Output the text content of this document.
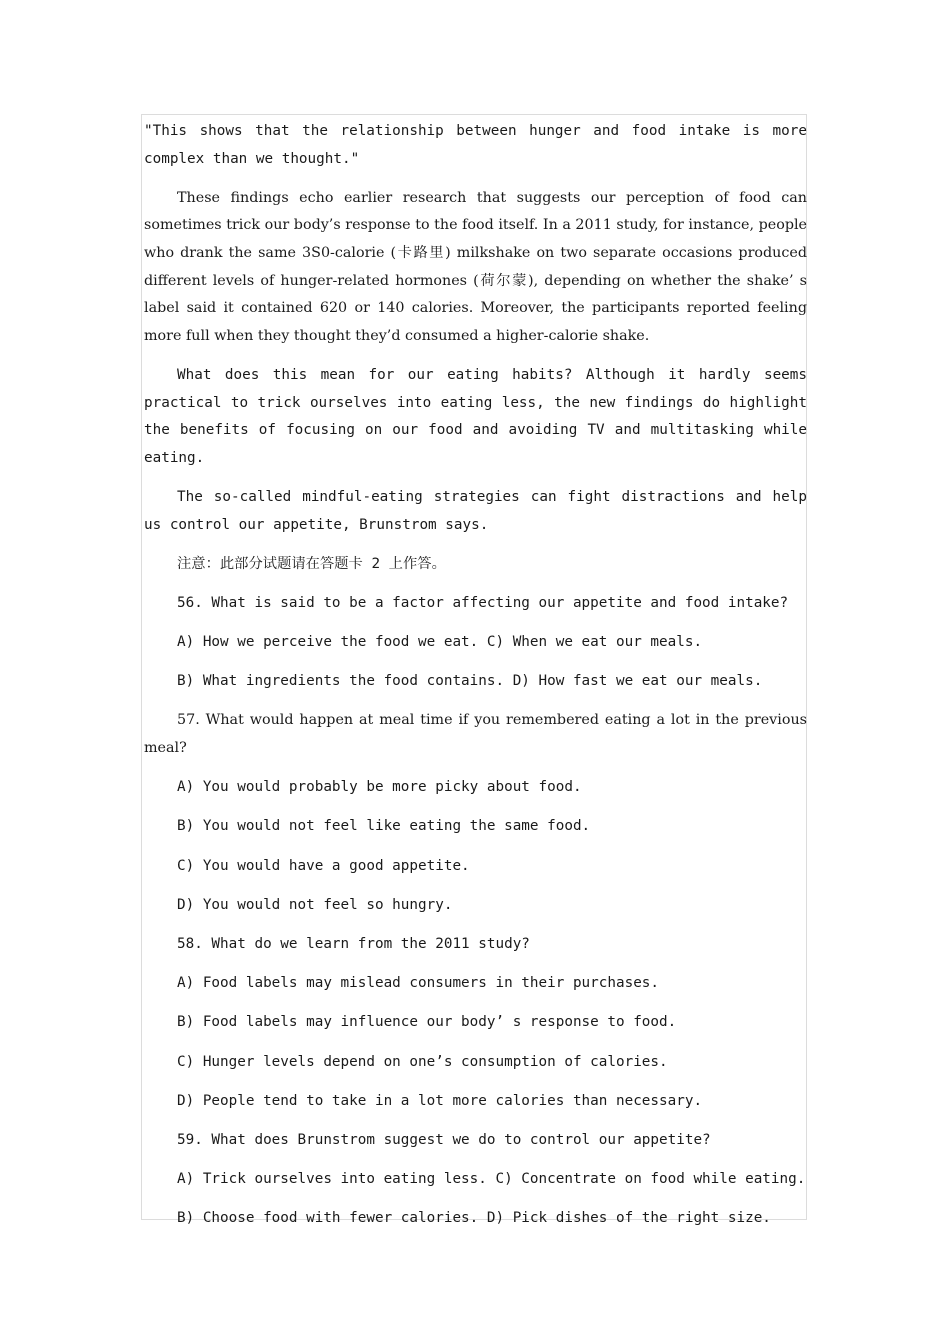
"This shows that the relationship between hunger and food intake is more complex than we thought."

These findings echo earlier research that suggests our perception of food can sometimes trick our body’s response to the food itself. In a 2011 study, for instance, people who drank the same 3S0-calorie (卡路里) milkshake on two separate occasions produced different levels of hunger-related hormones (荷尔蒙), depending on whether the shake’ s label said it contained 620 or 140 calories. Moreover, the participants reported feeling more full when they thought they’d consumed a higher-calorie shake.

What does this mean for our eating habits? Although it hardly seems practical to trick ourselves into eating less, the new findings do highlight the benefits of focusing on our food and avoiding TV and multitasking while eating.

The so-called mindful-eating strategies can fight distractions and help us control our appetite, Brunstrom says.

注意：此部分试题请在答题卡 2 上作答。

56. What is said to be a factor affecting our appetite and food intake?

A) How we perceive the food we eat. C) When we eat our meals.

B) What ingredients the food contains. D) How fast we eat our meals.

57. What would happen at meal time if you remembered eating a lot in the previous meal?

A) You would probably be more picky about food.

B) You would not feel like eating the same food.

C) You would have a good appetite.

D) You would not feel so hungry.

58. What do we learn from the 2011 study?

A) Food labels may mislead consumers in their purchases.

B) Food labels may influence our body’ s response to food.

C) Hunger levels depend on one’s consumption of calories.

D) People tend to take in a lot more calories than necessary.

59. What does Brunstrom suggest we do to control our appetite?

A) Trick ourselves into eating less. C) Concentrate on food while eating.

B) Choose food with fewer calories. D) Pick dishes of the right size.
